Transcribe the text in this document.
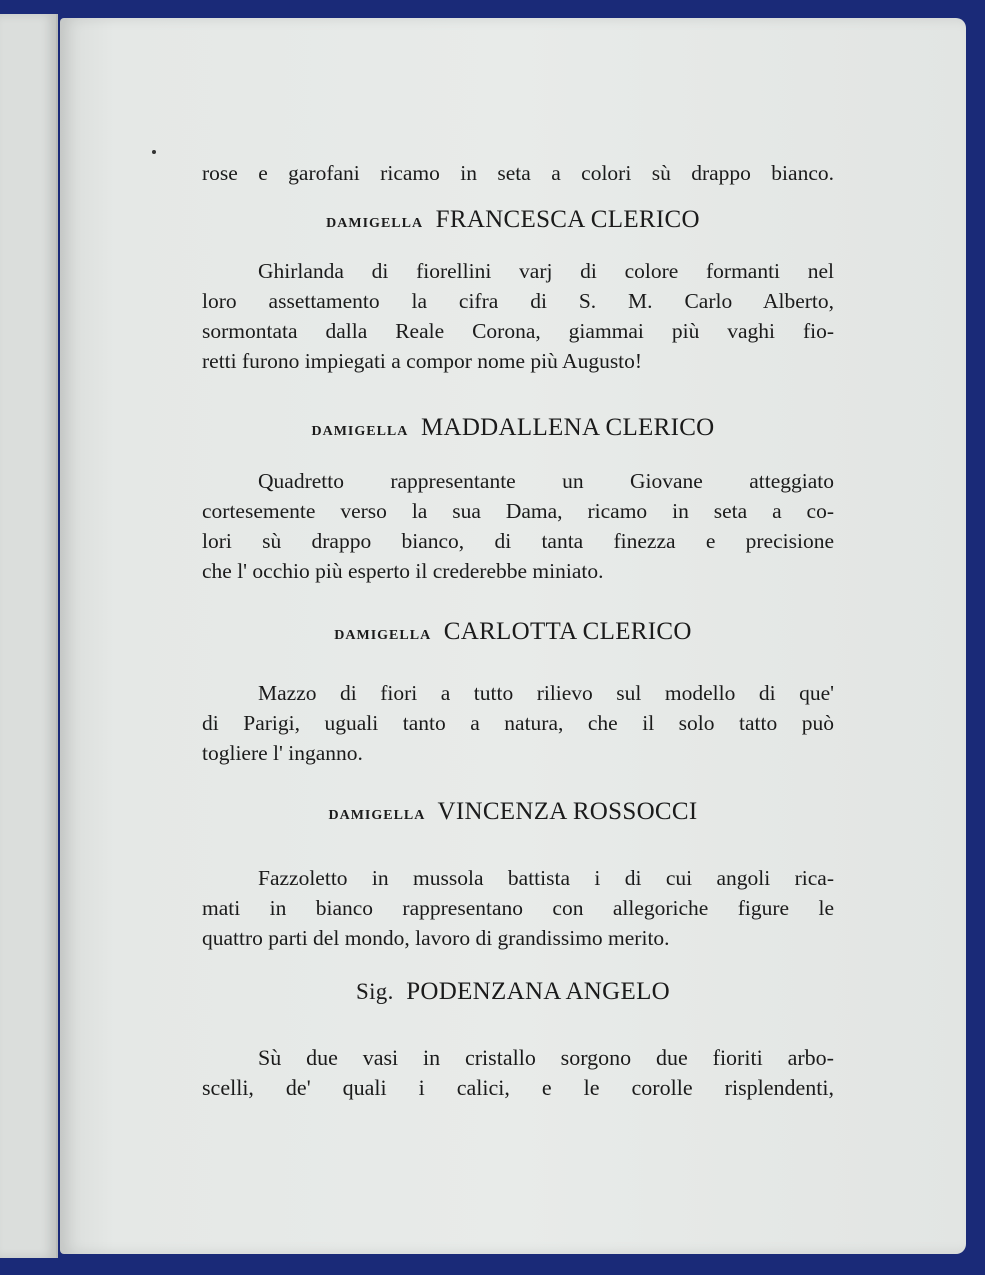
rose e garofani ricamo in seta a colori sù drappo bianco.
DAMIGELLA FRANCESCA CLERICO
Ghirlanda di fiorellini varj di colore formanti nel
loro assettamento la cifra di S. M. Carlo Alberto,
sormontata dalla Reale Corona, giammai più vaghi fio-
retti furono impiegati a compor nome più Augusto!
DAMIGELLA MADDALLENA CLERICO
Quadretto rappresentante un Giovane atteggiato
cortesemente verso la sua Dama, ricamo in seta a co-
lori sù drappo bianco, di tanta finezza e precisione
che l' occhio più esperto il crederebbe miniato.
DAMIGELLA CARLOTTA CLERICO
Mazzo di fiori a tutto rilievo sul modello di que'
di Parigi, uguali tanto a natura, che il solo tatto può
togliere l' inganno.
DAMIGELLA VINCENZA ROSSOCCI
Fazzoletto in mussola battista i di cui angoli rica-
mati in bianco rappresentano con allegoriche figure le
quattro parti del mondo, lavoro di grandissimo merito.
Sig. PODENZANA ANGELO
Sù due vasi in cristallo sorgono due fioriti arbo-
scelli, de' quali i calici, e le corolle risplendenti,
